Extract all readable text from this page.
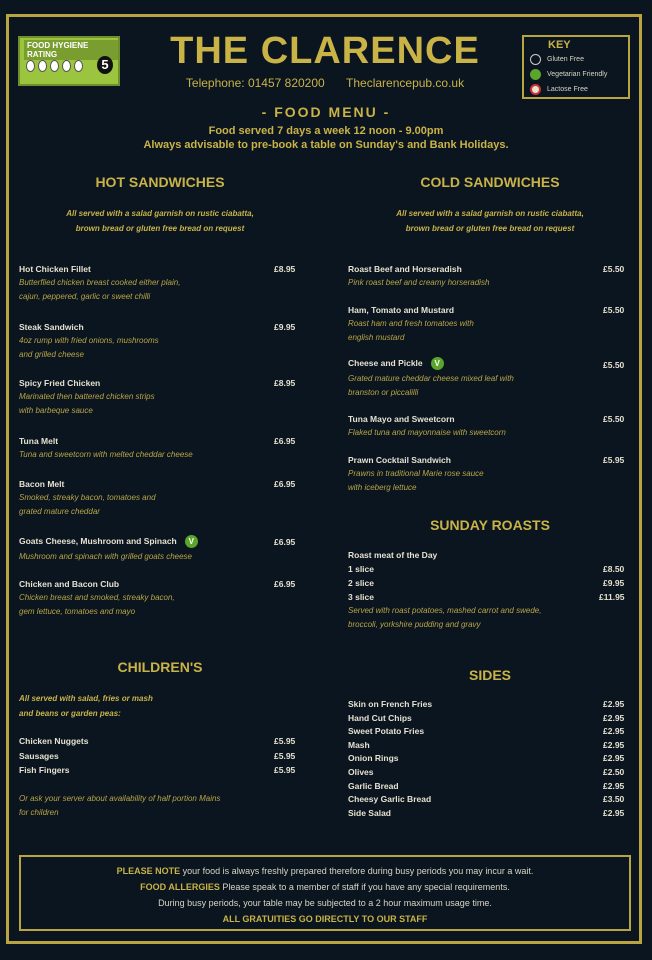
FOOD HYGIENE RATING
5	THE CLARENCE
Telephone: 01457 820200 Theclarencepub.co.uk
KEY
Gluten Free
Vegetarian Friendly
Lactose Free
- FOOD MENU -
Food served 7 days a week 12 noon - 9.00pm
Always advisable to pre-book a table on Sunday's and Bank Holidays.
HOT SANDWICHES
All served with a salad garnish on rustic ciabatta,
brown bread or gluten free bread on request
Hot Chicken Fillet
Butterflied chicken breast cooked either plain,
cajun, peppered, garlic or sweet chilli
£8.95
Steak Sandwich
4oz rump with fried onions, mushrooms
and grilled cheese
£9.95
Spicy Fried Chicken
Marinated then battered chicken strips
with barbeque sauce
£8.95
Tuna Melt
Tuna and sweetcorn with melted cheddar cheese
£6.95
Bacon Melt
Smoked, streaky bacon, tomatoes and
grated mature cheddar
£6.95
Goats Cheese, Mushroom and Spinach V
Mushroom and spinach with grilled goats cheese
£6.95
Chicken and Bacon Club
Chicken breast and smoked, streaky bacon,
gem lettuce, tomatoes and mayo
£6.95
COLD SANDWICHES
All served with a salad garnish on rustic ciabatta,
brown bread or gluten free bread on request
Roast Beef and Horseradish
Pink roast beef and creamy horseradish
£5.50
Ham, Tomato and Mustard
Roast ham and fresh tomatoes with
english mustard
£5.50
Cheese and Pickle V
Grated mature cheddar cheese mixed leaf with
branston or piccalilli
£5.50
Tuna Mayo and Sweetcorn
Flaked tuna and mayonnaise with sweetcorn
£5.50
Prawn Cocktail Sandwich
Prawns in traditional Marie rose sauce
with iceberg lettuce
£5.95
SUNDAY ROASTS
Roast meat of the Day
1 slice	£8.50
2 slice	£9.95
3 slice	£11.95
Served with roast potatoes, mashed carrot and swede,
broccoli, yorkshire pudding and gravy
CHILDREN'S
All served with salad, fries or mash
and beans or garden peas:
Chicken Nuggets	£5.95
Sausages	£5.95
Fish Fingers	£5.95
Or ask your server about availability of half portion Mains
for children
SIDES
Skin on French Fries	£2.95
Hand Cut Chips	£2.95
Sweet Potato Fries	£2.95
Mash	£2.95
Onion Rings	£2.95
Olives	£2.50
Garlic Bread	£2.95
Cheesy Garlic Bread	£3.50
Side Salad	£2.95
PLEASE NOTE your food is always freshly prepared therefore during busy periods you may incur a wait.
FOOD ALLERGIES Please speak to a member of staff if you have any special requirements.
During busy periods, your table may be subjected to a 2 hour maximum usage time.
ALL GRATUITIES GO DIRECTLY TO OUR STAFF
